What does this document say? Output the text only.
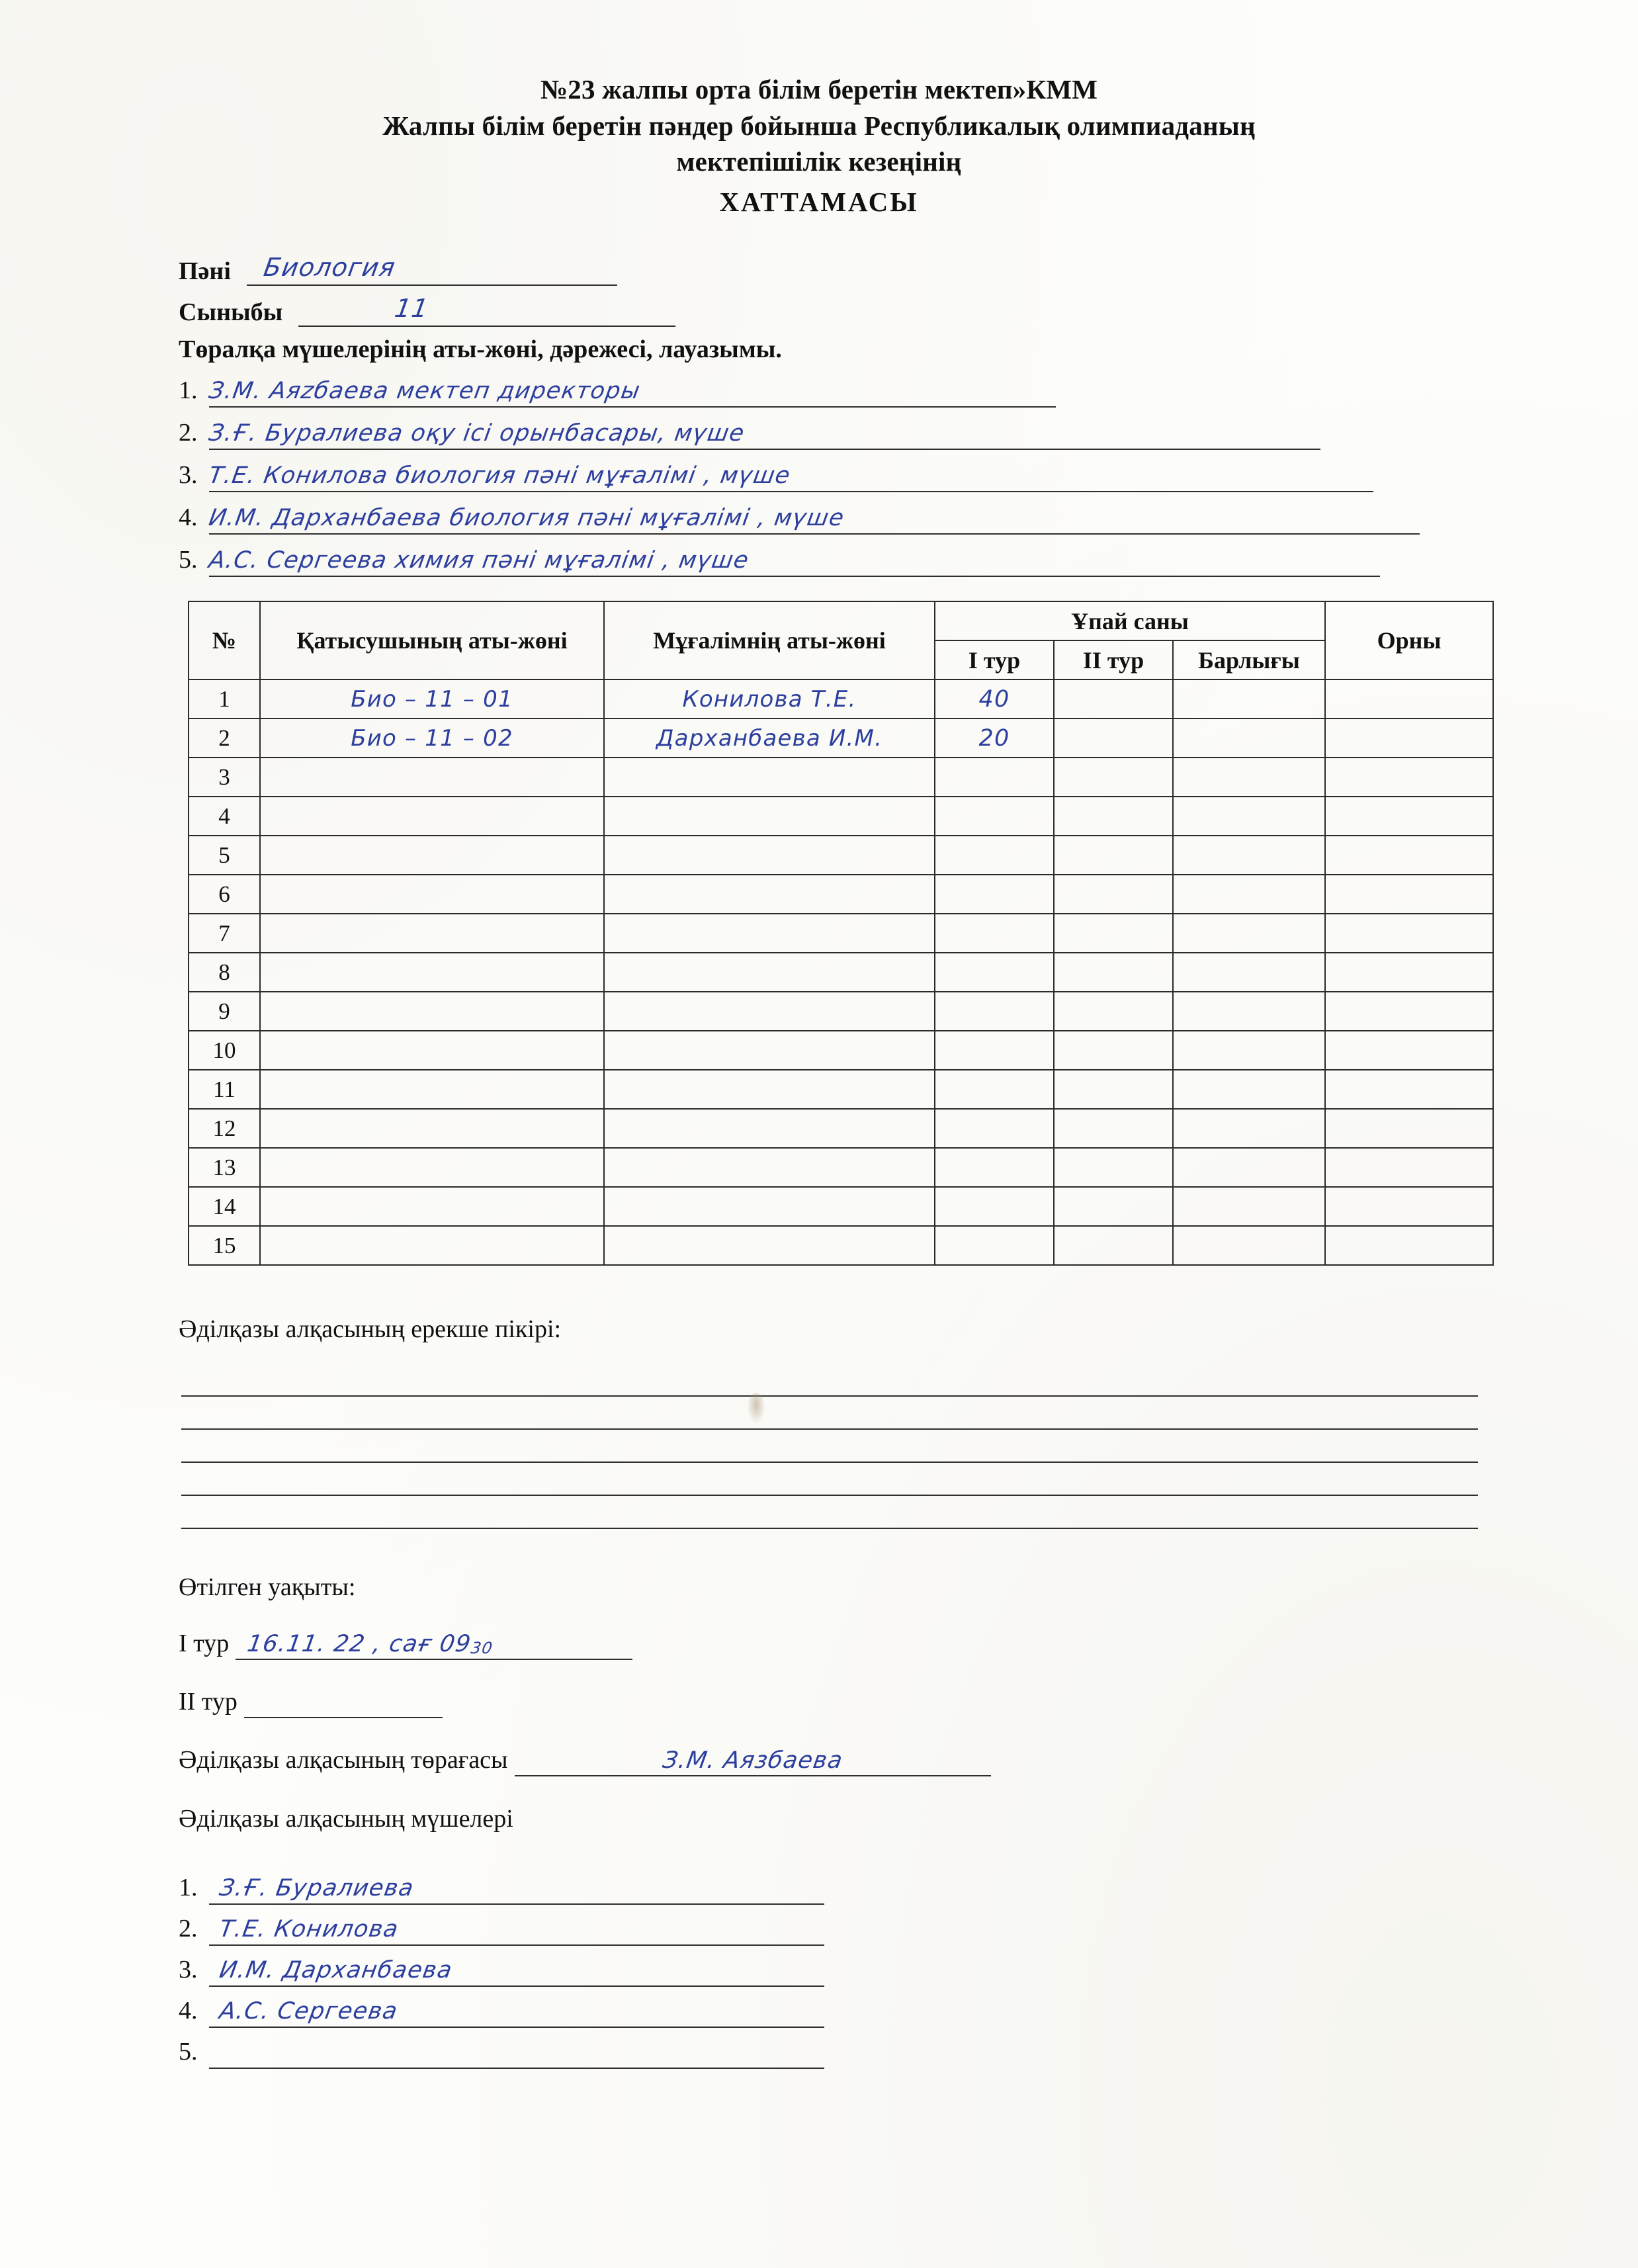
№23 жалпы орта білім беретін мектеп»КММ
Жалпы білім беретін пәндер бойынша Республикалық олимпиаданың
мектепішілік кезеңінің
ХАТТАМАСЫ
Пәні Биология
Сыныбы	11
Төралқа мүшелерінің аты-жөні, дәрежесі, лауазымы.
1. З.М. Аяzбаева мектеп директоры
2. З.Ғ. Буралиева оқу ісі орынбасары, мүше
3. Т.Е. Конилова биология пәні мұғалімі , мүше
4. И.М. Дарханбаева биология пәні мұғалімі , мүше
5. А.С. Сергеева химия пәні мұғалімі , мүше
№	Қатысушының аты-жөні	Мұғалімнің аты-жөні	Ұпай саны			Орны
			I тур	II тур	Барлығы	
1	Био – 11 – 01	Конилова Т.Е.	40			
2	Био – 11 – 02	Дарханбаева И.М.	20			
3						
4						
5						
6						
7						
8						
9						
10						
11						
12						
13						
14						
15						
Әділқазы алқасының ерекше пікірі:
Өтілген уақыты:
I тур 16.11. 22 , сағ 09
30
II тур
Әділқазы алқасының төрағасы	З.М. Аязбаева
Әділқазы алқасының мүшелері
1. З.Ғ. Буралиева
2. Т.Е. Конилова
3. И.М. Дарханбаева
4. А.С. Сергеева
5.
